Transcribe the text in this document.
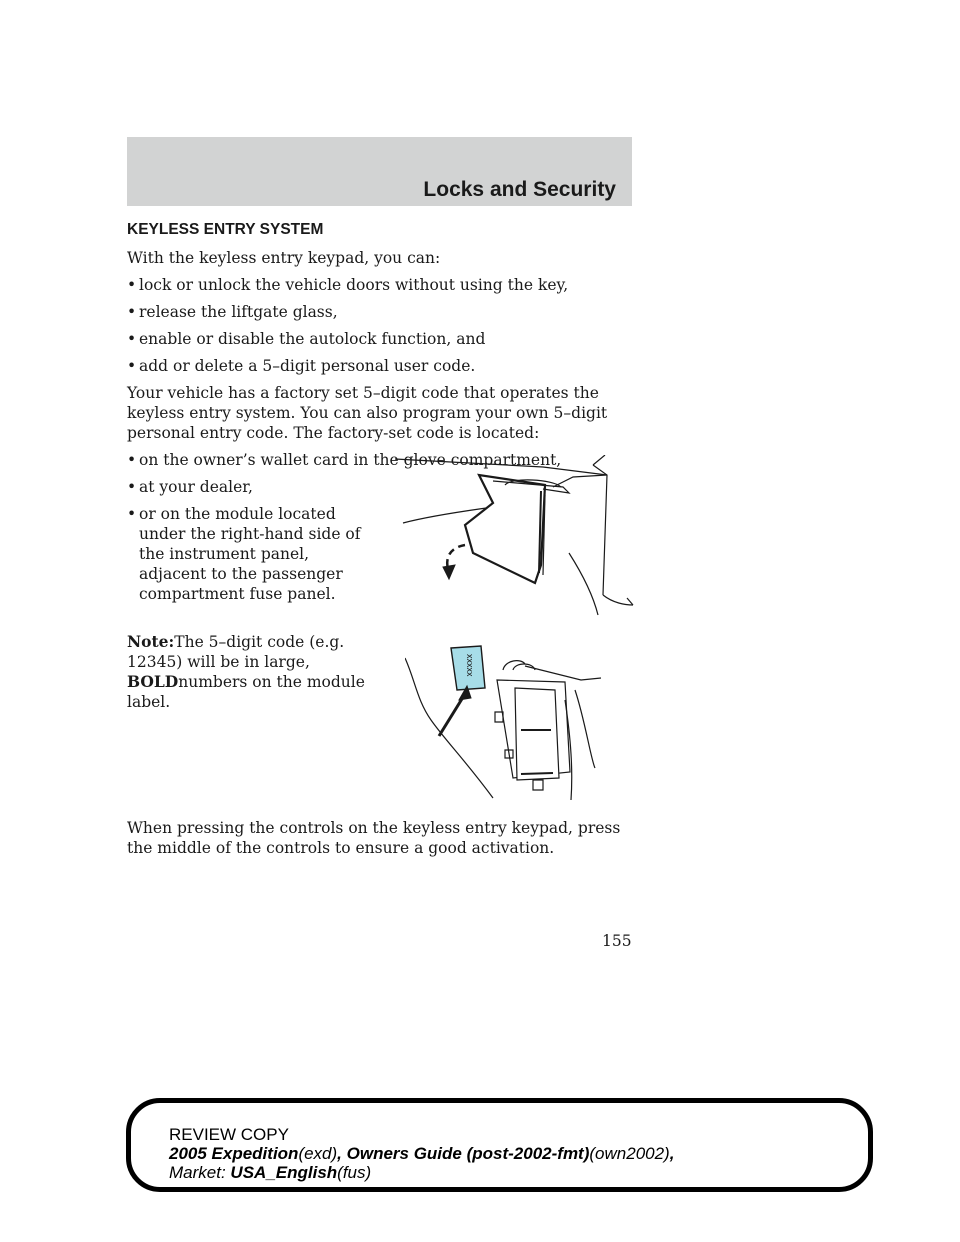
Locks and Security

KEYLESS ENTRY SYSTEM

With the keyless entry keypad, you can:

• lock or unlock the vehicle doors without using the key,
• release the liftgate glass,
• enable or disable the autolock function, and
• add or delete a 5–digit personal user code.

Your vehicle has a factory set 5–digit code that operates the keyless entry system. You can also program your own 5–digit personal entry code. The factory-set code is located:

• on the owner’s wallet card in the glove compartment,
• at your dealer,
• or on the module located under the right-hand side of the instrument panel, adjacent to the passenger compartment fuse panel.

Note:The 5–digit code (e.g. 12345) will be in large, BOLDnumbers on the module label.

When pressing the controls on the keyless entry keypad, press the middle of the controls to ensure a good activation.

xxxxx

155

REVIEW COPY
2005 Expedition(exd), Owners Guide (post-2002-fmt)(own2002),
Market: USA_English(fus)
